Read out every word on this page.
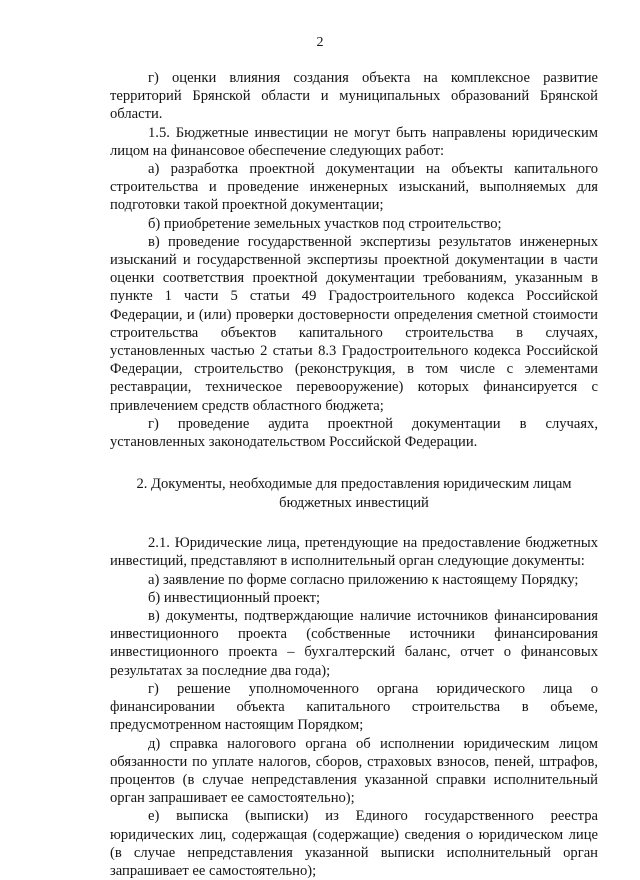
2

г) оценки влияния создания объекта на комплексное развитие территорий Брянской области и муниципальных образований Брянской области.

1.5. Бюджетные инвестиции не могут быть направлены юридическим лицом на финансовое обеспечение следующих работ:

а) разработка проектной документации на объекты капитального строительства и проведение инженерных изысканий, выполняемых для подготовки такой проектной документации;

б) приобретение земельных участков под строительство;

в) проведение государственной экспертизы результатов инженерных изысканий и государственной экспертизы проектной документации в части оценки соответствия проектной документации требованиям, указанным в пункте 1 части 5 статьи 49 Градостроительного кодекса Российской Федерации, и (или) проверки достоверности определения сметной стоимости строительства объектов капитального строительства в случаях, установленных частью 2 статьи 8.3 Градостроительного кодекса Российской Федерации, строительство (реконструкция, в том числе с элементами реставрации, техническое перевооружение) которых финансируется с привлечением средств областного бюджета;

г) проведение аудита проектной документации в случаях, установленных законодательством Российской Федерации.

2. Документы, необходимые для предоставления юридическим лицам
бюджетных инвестиций

2.1. Юридические лица, претендующие на предоставление бюджетных инвестиций, представляют в исполнительный орган следующие документы:

а) заявление по форме согласно приложению к настоящему Порядку;

б) инвестиционный проект;

в) документы, подтверждающие наличие источников финансирования инвестиционного проекта (собственные источники финансирования инвестиционного проекта – бухгалтерский баланс, отчет о финансовых результатах за последние два года);

г) решение уполномоченного органа юридического лица о финансировании объекта капитального строительства в объеме, предусмотренном настоящим Порядком;

д) справка налогового органа об исполнении юридическим лицом обязанности по уплате налогов, сборов, страховых взносов, пеней, штрафов, процентов (в случае непредставления указанной справки исполнительный орган запрашивает ее самостоятельно);

е) выписка (выписки) из Единого государственного реестра юридических лиц, содержащая (содержащие) сведения о юридическом лице (в случае непредставления указанной выписки исполнительный орган запрашивает ее самостоятельно);
